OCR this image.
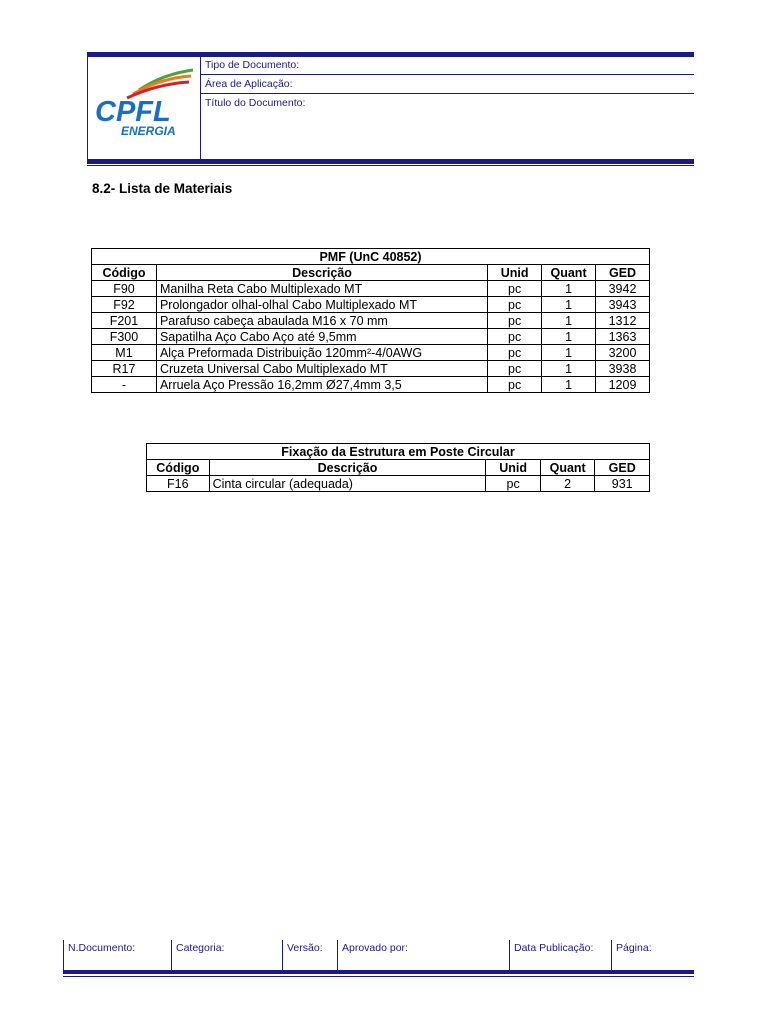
CPFL
ENERGIA
Tipo de Documento:
Área de Aplicação:
Título do Documento:
8.2- Lista de Materiais
PMF (UnC 40852)				
Código	Descrição	Unid	Quant	GED
F90	Manilha Reta Cabo Multiplexado MT	pc	1	3942
F92	Prolongador olhal-olhal Cabo Multiplexado MT	pc	1	3943
F201	Parafuso cabeça abaulada M16 x 70 mm	pc	1	1312
F300	Sapatilha Aço Cabo Aço até 9,5mm	pc	1	1363
M1	Alça Preformada Distribuição 120mm²-4/0AWG	pc	1	3200
R17	Cruzeta Universal Cabo Multiplexado MT	pc	1	3938
-	Arruela Aço Pressão 16,2mm Ø27,4mm 3,5	pc	1	1209
Fixação da Estrutura em Poste Circular				
Código	Descrição	Unid	Quant	GED
F16	Cinta circular (adequada)	pc	2	931
N.Documento:	Categoria:	Versão:	Aprovado por:	Data Publicação:	Página:
